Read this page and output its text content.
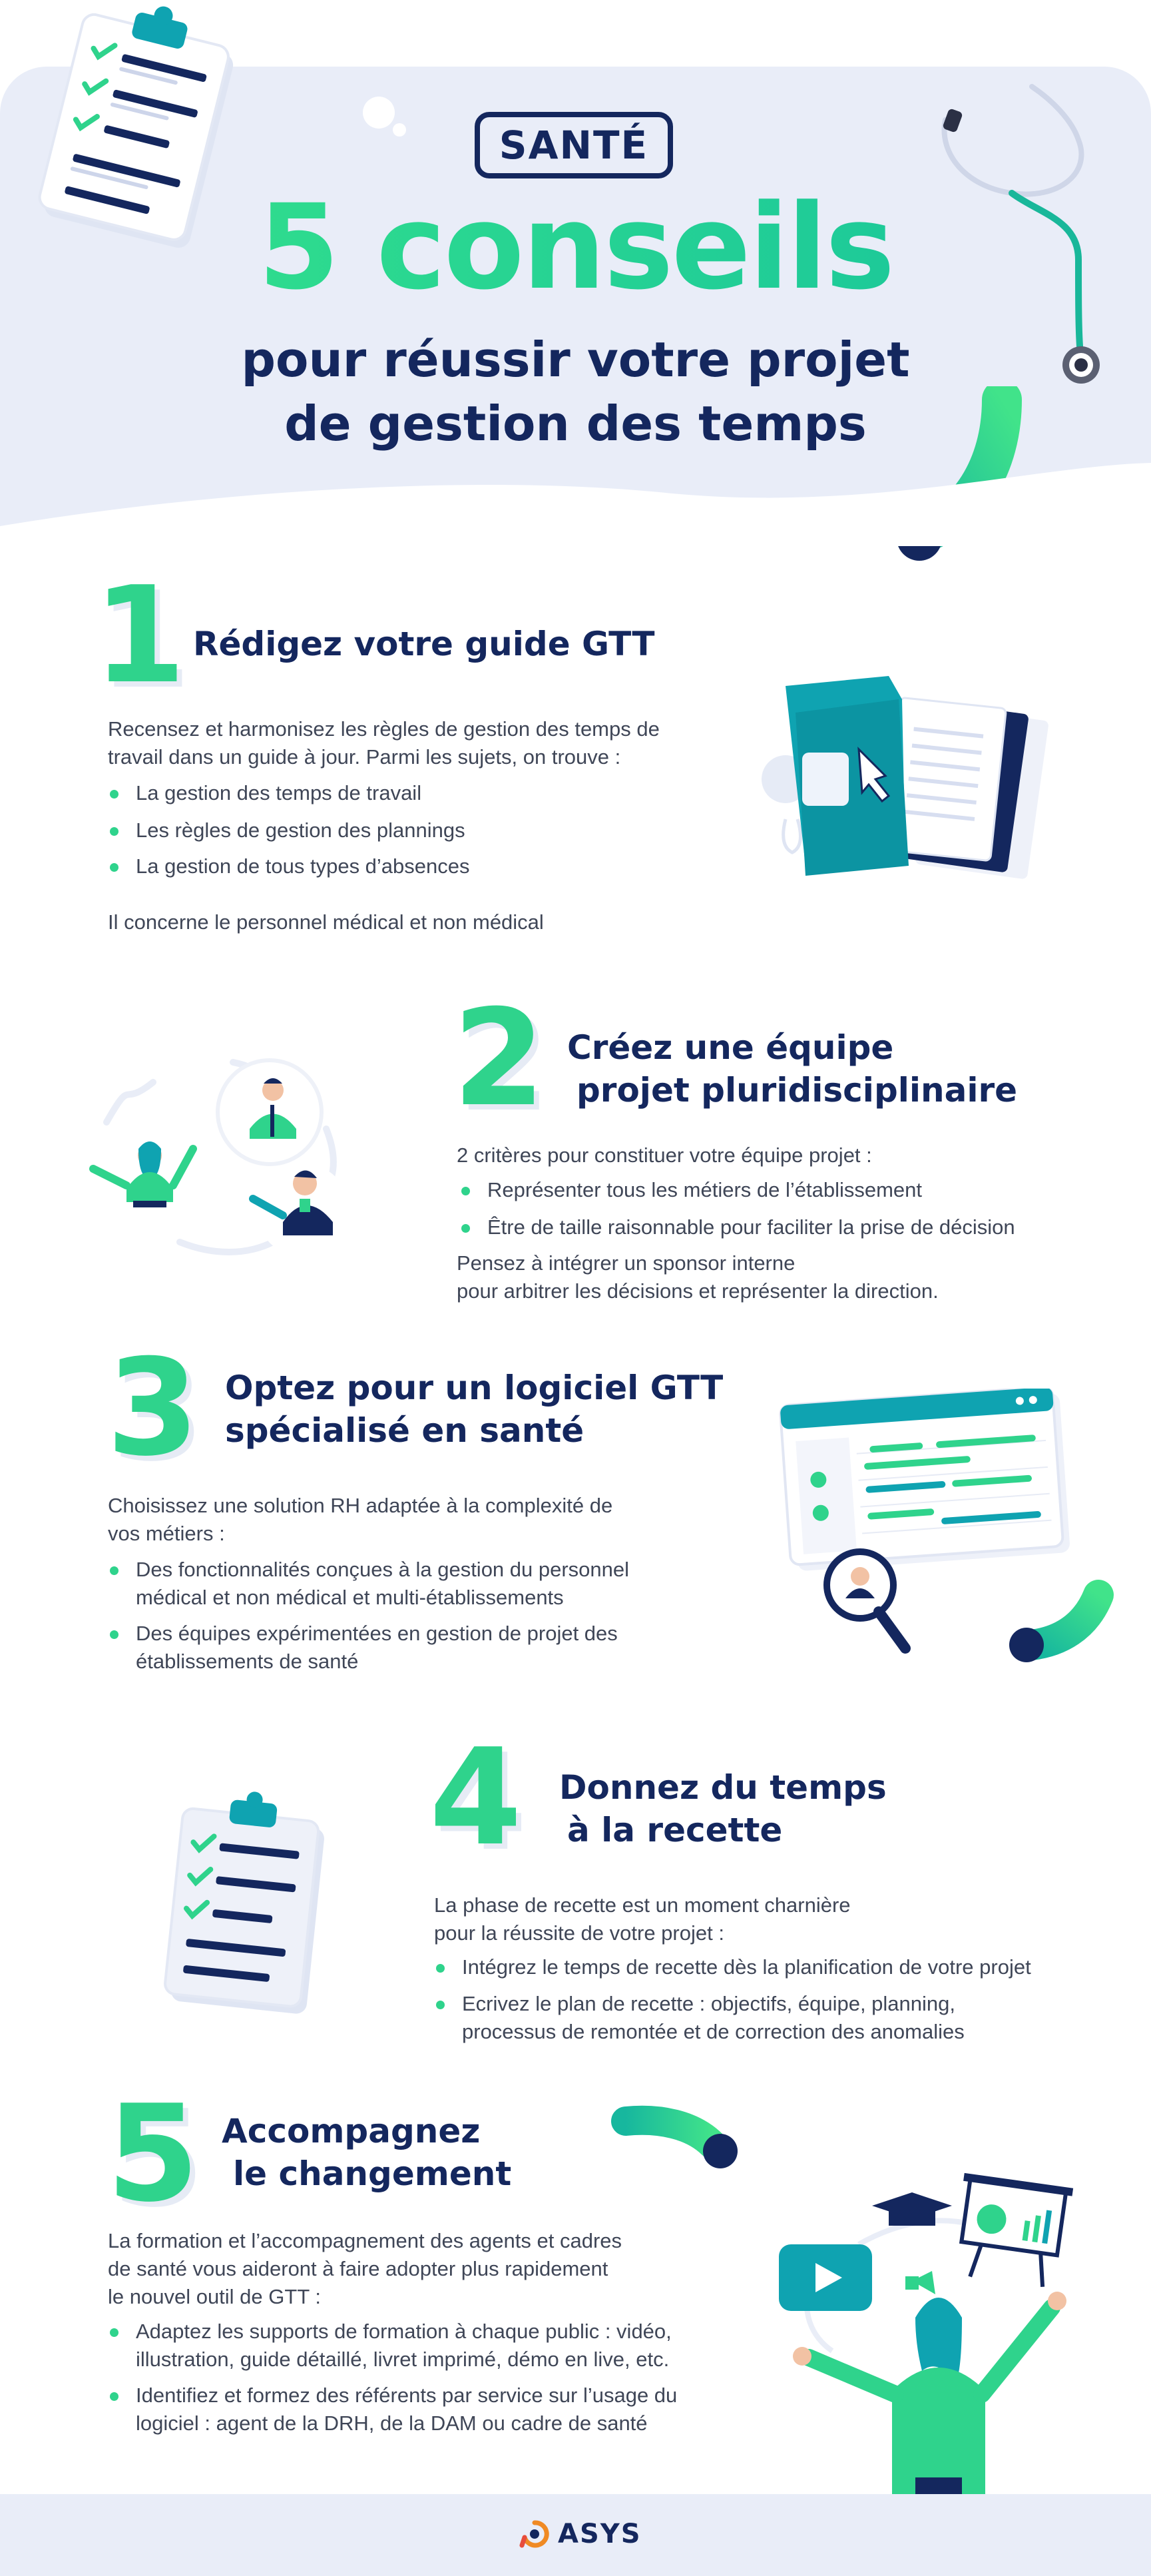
SANTÉ
5 conseils
pour réussir votre projet
de gestion des temps
1 Rédigez votre guide GTT
Recensez et harmonisez les règles de gestion des temps de
travail dans un guide à jour. Parmi les sujets, on trouve :
La gestion des temps de travail
Les règles de gestion des plannings
La gestion de tous types d’absences
Il concerne le personnel médical et non médical
2 Créez une équipe
projet pluridisciplinaire
2 critères pour constituer votre équipe projet :
Représenter tous les métiers de l’établissement
Être de taille raisonnable pour faciliter la prise de décision
Pensez à intégrer un sponsor interne
pour arbitrer les décisions et représenter la direction.
3 Optez pour un logiciel GTT
spécialisé en santé
Choisissez une solution RH adaptée à la complexité de
vos métiers :
Des fonctionnalités conçues à la gestion du personnel
médical et non médical et multi-établissements
Des équipes expérimentées en gestion de projet des
établissements de santé
4 Donnez du temps
à la recette
La phase de recette est un moment charnière
pour la réussite de votre projet :
Intégrez le temps de recette dès la planification de votre projet
Ecrivez le plan de recette : objectifs, équipe, planning,
processus de remontée et de correction des anomalies
5 Accompagnez
le changement
La formation et l’accompagnement des agents et cadres
de santé vous aideront à faire adopter plus rapidement
le nouvel outil de GTT :
Adaptez les supports de formation à chaque public : vidéo,
illustration, guide détaillé, livret imprimé, démo en live, etc.
Identifiez et formez des référents par service sur l’usage du
logiciel : agent de la DRH, de la DAM ou cadre de santé
ASYS
